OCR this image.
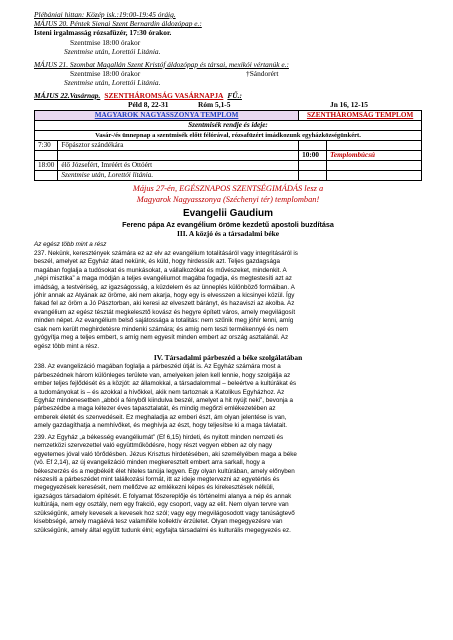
Plébániai hittan: Közép isk.:19:00-19:45 óráig.
MÁJUS 20. Péntek Sienai Szent Bernardin áldozópap e.:
Isteni irgalmasság rózsafüzér, 17:30 órakor.
Szentmise 18:00 órakor
Szentmise után, Lorettói Litánia.
MÁJUS 21. Szombat Magallán Szent Kristóf áldozópap és társai, mexikói vértanúk e.:
Szentmise 18:00 órakor	†Sándorért
Szentmise után, Lorettói Litánia.
MÁJUS 22.Vasárnap. SZENTHÁROMSÁG VASÁRNAPJA FŰ.:
Péld 8, 22-31	Róm 5,1-5	Jn 16, 12-15
MAGYAROK NAGYASSZONYA TEMPLOM		SZENTHÁROMSÁG TEMPLOM	
Szentmisék rendje és ideje:			
Vasár-/és ünnepnap a szentmisék előtt félórával, rózsafüzért imádkozunk egyházközségünkért.			
7:30	Főpásztor szándékára		
		10:00	Templombúcsú
18:00	élő Józsefért, Imréért és Ottóért		
	Szentmise után, Lorettói litánia.		
Május 27-én, EGÉSZNAPOS SZENTSÉGIMÁDÁS lesz a
Magyarok Nagyasszonya (Széchenyi tér) templomban!
Evangelii Gaudium
Ferenc pápa Az evangélium öröme kezdetű apostoli buzdítása
III. A közjó és a társadalmi béke
Az egész több mint a rész
237. Nekünk, keresztények számára ez az elv az evangélium totalitásáról vagy integritásáról is
beszél, amelyet az Egyház átad nekünk, és küld, hogy hirdessük azt. Teljes gazdagsága
magában foglalja a tudósokat és munkásokat, a vállalkozókat és művészeket, mindenkit. A
„népi misztika” a maga módján a teljes evangéliumot magába fogadja, és megtestesíti azt az
imádság, a testvériség, az igazságosság, a küzdelem és az ünneplés különböző formáiban. A
jóhír annak az Atyának az öröme, aki nem akarja, hogy egy is elvesszen a kicsinyei közül. Így
fakad fel az öröm a Jó Pásztorban, aki keresi az elveszett bárányt, és hazaviszi az akolba. Az
evangélium az egész tésztát megkelesztő kovász és hegyre épített város, amely megvilágosít
minden népet. Az evangélium belső sajátossága a totalitás: nem szűnik meg jóhír lenni, amíg
csak nem került meghirdetésre mindenki számára; és amíg nem teszi termékennyé és nem
gyógyítja meg a teljes embert, s amíg nem egyesít minden embert az ország asztalánál. Az
egész több mint a rész.
IV. Társadalmi párbeszéd a béke szolgálatában
238. Az evangelizáció magában foglalja a párbeszéd útját is. Az Egyház számára most a
párbeszédnek három különleges területe van, amelyeken jelen kell lennie, hogy szolgálja az
ember teljes fejlődését és a közjót: az államokkal, a társadalommal – beleértve a kultúrákat és
a tudományokat is – és azokkal a hívőkkel, akik nem tartoznak a Katolikus Egyházhoz. Az
Egyház mindenesetben „abból a fényből kiindulva beszél, amelyet a hit nyújt neki”, bevonja a
párbeszédbe a maga kétezer éves tapasztalatát, és mindig megőrzi emlékezetében az
emberek életét és szenvedéseit. Ez meghaladja az emberi észt, ám olyan jelentése is van,
amely gazdagíthatja a nemhívőket, és meghívja az észt, hogy teljesítse ki a maga távlatait.
239. Az Egyház „a békesség evangéliumát” (Ef 6,15) hirdeti, és nyitott minden nemzeti és
nemzetközi szervezettel való együttműködésre, hogy részt vegyen ebben az oly nagy
egyetemes jóval való törődésben. Jézus Krisztus hirdetésében, aki személyében maga a béke
(vö. Ef 2,14), az új evangelizáció minden megkeresztelt embert arra sarkall, hogy a
békeszerzés és a megbékélt élet hiteles tanúja legyen. Egy olyan kultúrában, amely előnyben
részesíti a párbeszédet mint találkozási formát, itt az ideje megtervezni az egyetértés és
megegyezések keresését, nem mellőzve az emlékezni képes és kirekesztések nélküli,
igazságos társadalom építését. E folyamat főszereplője és történelmi alanya a nép és annak
kultúrája, nem egy osztály, nem egy frakció, egy csoport, vagy az elit. Nem olyan tervre van
szükségünk, amely kevesek a kevesek hoz szól; vagy egy megvilágosodott vagy tanúságtevő
kisebbségé, amely magáévá tesz valamiféle kollektív érzületet. Olyan megegyezésre van
szükségünk, amely által együtt tudunk élni; egyfajta társadalmi és kulturális megegyezés ez.
